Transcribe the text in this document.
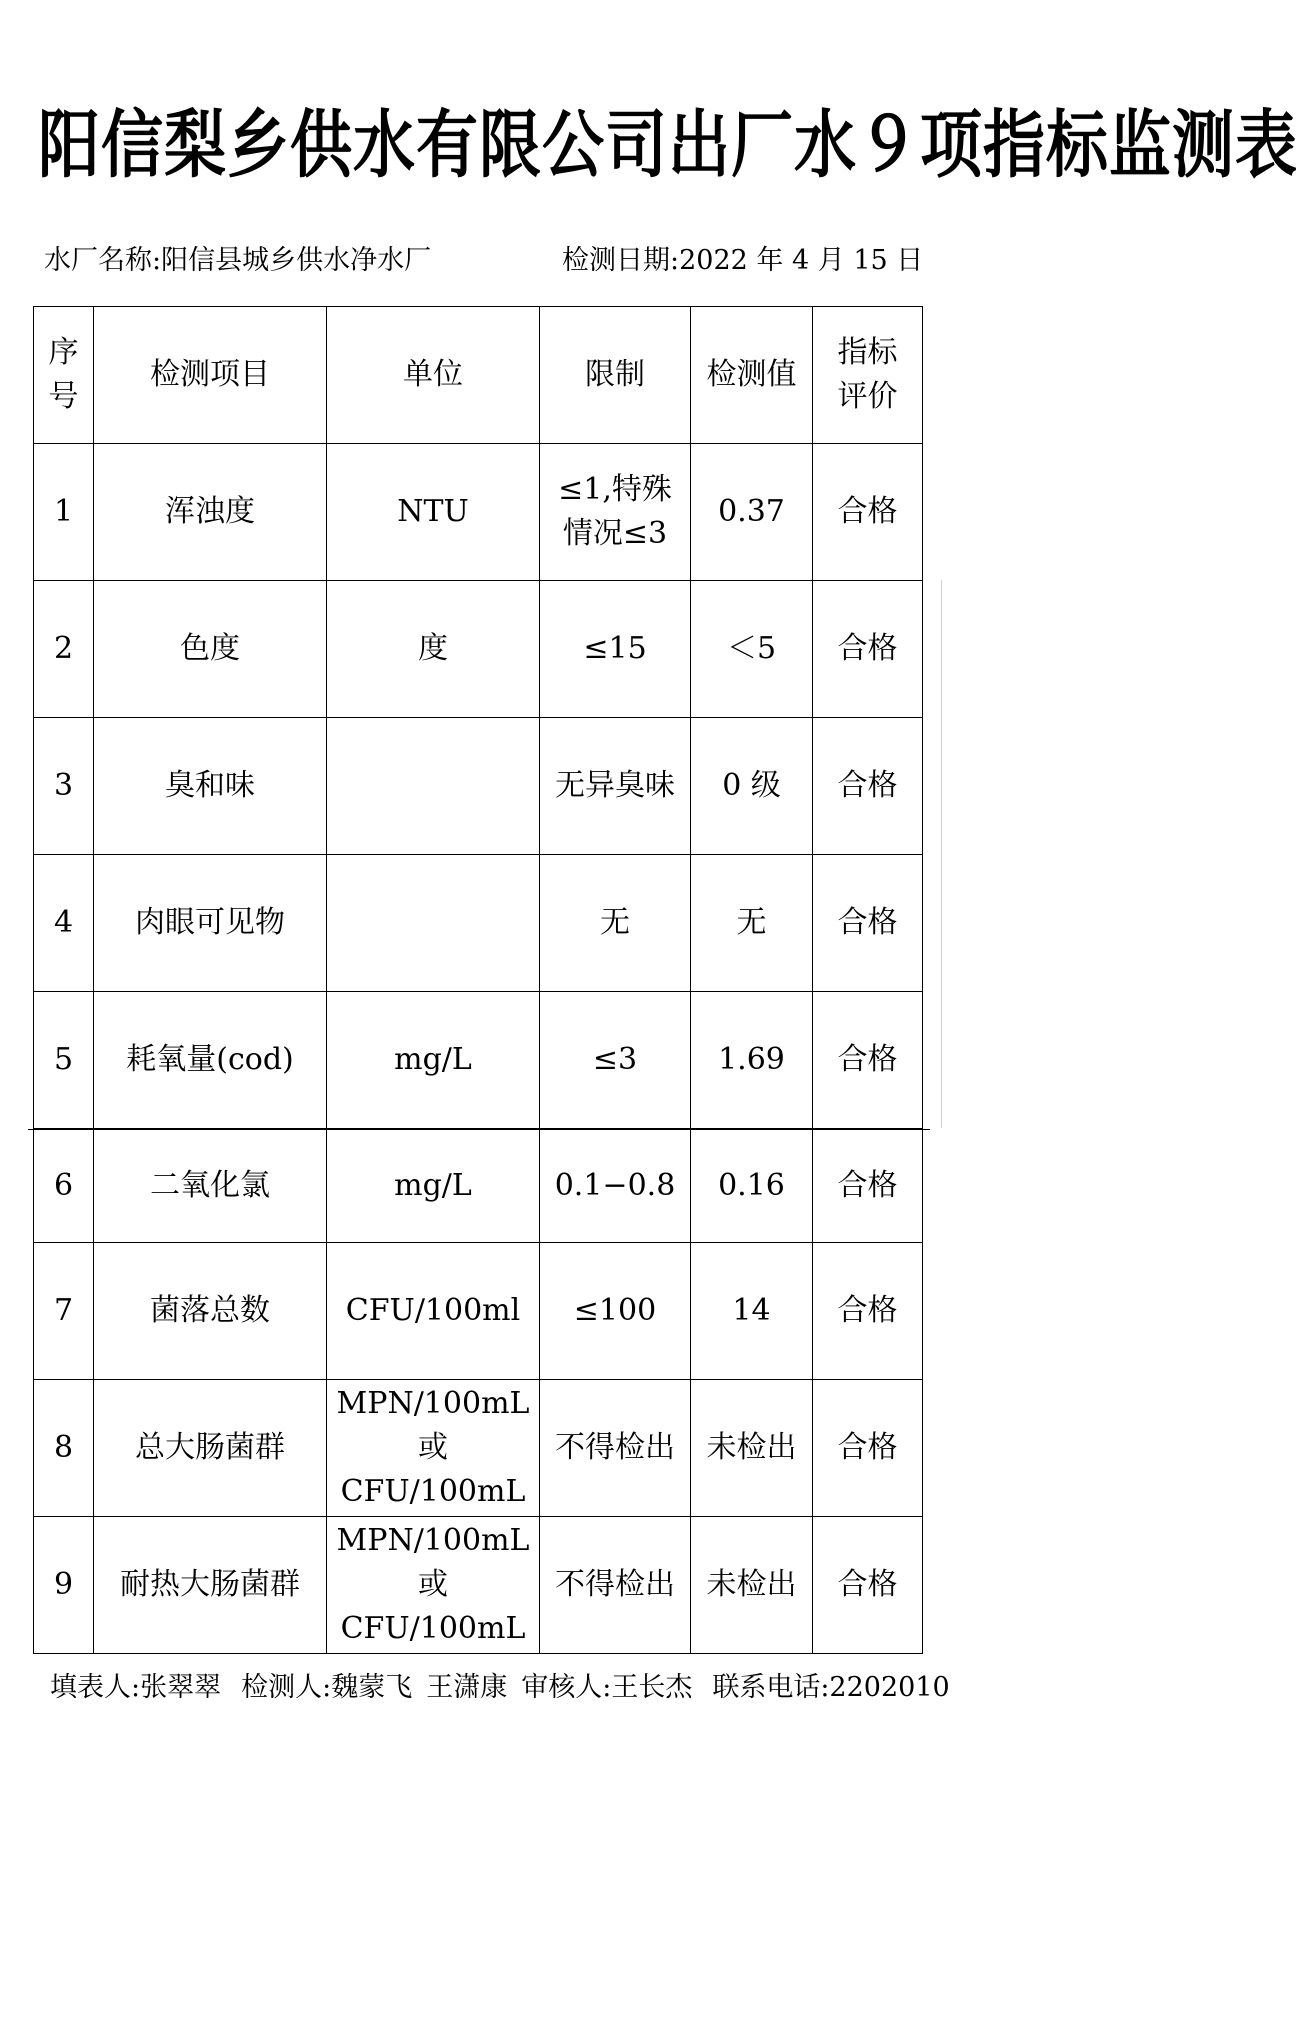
阳信梨乡供水有限公司出厂水９项指标监测表
水厂名称:阳信县城乡供水净水厂	检测日期:2022 年 4 月 15 日
序
号	检测项目	单位	限制	检测值	指标
评价
1	浑浊度	NTU	≤1,特殊
情况≤3	0.37	合格
2	色度	度	≤15	＜5	合格
3	臭和味		无异臭味	0 级	合格
4	肉眼可见物		无	无	合格
5	耗氧量(cod)	mg/L	≤3	1.69	合格
6	二氧化氯	mg/L	0.1−0.8	0.16	合格
7	菌落总数	CFU/100ml	≤100	14	合格
8	总大肠菌群	MPN/100mL
或 CFU/100mL	不得检出	未检出	合格
9	耐热大肠菌群	MPN/100mL
或 CFU/100mL	不得检出	未检出	合格
填表人:张翠翠 检测人:魏蒙飞 王潇康 审核人:王长杰 联系电话:2202010
